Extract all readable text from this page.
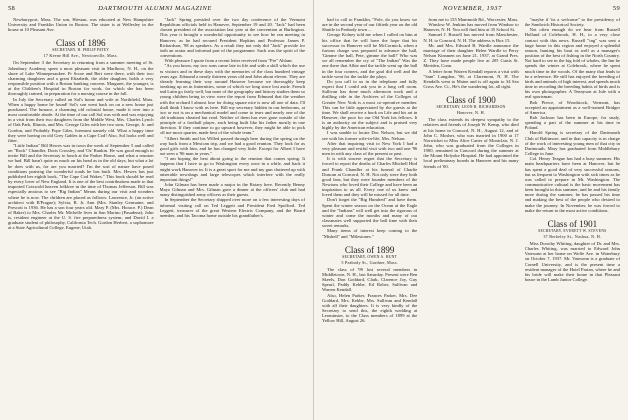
58	DARTMOUTH ALUMNI MAGAZINE

Newburyport, Mass. The son, Hiestan, was educated at New Hampshire University and Franklin Union in Boston. The sister is at Wellesley in the house at 10 Pleasant Ave.

Class of 1896
SECRETARY, H. PHILIP PATEY
17 Keene Hill Ave., Newtonville, Mass.

On September 3 the Secretary in returning from a summer meeting of St. Johnsbury Academy spent a most pleasant visit in Marlboro, N. H., on the shore of Lake Winnepesaukee. Fr Score and Bert were there, with their two charming daughters and a great Elizabeth, the older daughter, holds a very responsible position with a Boston banking concern. Margaret, the younger, is at the Children's Hospital in Boston for work, for which she has been thoroughly trained, in preparation for a nursing course in the fall.

In July the Secretary called on Sol's home and wife at Northfield, Mass. When a happy home he found! Sol's son went back on on a new home just purchased. The furnace, a charming old colonial house, made it over into a most comfortable abode. At the time of our call Sol was with and was enjoying in a visit from their two daughters from the Middle West, Mrs. Charles Lynch of Oak Park, Illinois, and Mrs. George Giles with her two sons, George, Jr. and Gordon, and Probably Pope Giles, foremost namely old. What a happy time they were having on old Grey Gables in a Cape Cod! Also, Sol looks well and fitter.

"Little Indian" Bill Hewes was in town the week of September 5 and called on "Rock" Chandler, Doris Crossley, and 'Oz' Rankin. He was good enough to invite Bill and the Secretary to lunch at the Parker House, and what a reunion we had. Bill hasn't quite as much on his head as in the old days, but what a lot he does with us, for are you married? I'm the sort of nature have posed conditions praising the wonderful roads he has built. Mrs. Hewes has just published her eighth book, "The Cape Cod Wakes." This book should be read by every lover of New England. It is one of the best contributions made to that imported Cotswold heaven folklore in the time of Thomas Jefferson. Bill was especially anxious to see "Big Indian" Means during our visit and wonders where he is now. The children are placed as follows: Lawrence, Jr. (an active architect with B'Prague); Sylvia, R. Jr. Ann (Mrs. Stanley Germaine, and Prescott is 1936. He has a son four years old. Mary P. (Mrs. Horace. P.) Dean of Baker) to Mrs. Charles Mr. Michelle lives in San Marino (Pasadena); John is, resident engineer at the U. S. fire preparedness system; and David I. a graduate student of philosophy, California Tech. Gordon Herbert, a sophomore at a State Agricultural College. Eugene, Utah.

"Jack" Spring presided over the two day conference of the Vermont Republican officials held in Hanover, September 19 and 20. "Jack" had been chosen president of the association last year at the convention at Burlington. This year it brought a wonderful opportunity to see how he ran meeting in Hanover, as he had secured President Hopkins and Professor James P. Richardson, '98 as speakers. As a result they not only did "Jack" provide for both an orator and informal part of the programme. Such was the spirit of the conventions.

With pleasure I quote from a recent letter received from "Pre" Ahlam:

"As you know, my two sons came late in life and with a skill which the use as visitors and in these days with the memories of the class hundred vintage years ago. Edmund a nearly thirteen years old and John about eleven. They are already learning their way around Hanover because we thoroughly keep breaking up on in fraternities, some of which we long since lost aside. French and Latin go fairly well, but none of the geography and history studies them so young children being in view were the report from Edmund that the weather with the orchard I almost lose for doing square nice is now all one of data. I'll shall think I know with us here. Bill my secretary hidden in our bedrooms, at two or not is on a mechanical model and come to tears and nearly one of the old traditions cheated but read. Neither of them has ever gone outside of the principle of a football player, each being built like his father mostly in one direction. If they continue to go upward however, they might be able to pick off me moor quarter, made best of the whole team."

"Albert Smith and his Willed passed through here during the spring on the way back from a Mexican trip, and we had a good reunion. They look for as good girls with him, and he has changed very little. Except for Albert I have not seen a '96 man in years."

"I am hoping the best about going to the reunion that comes spring. It happens that I have to go to Washington every once in a while, and back it might work Hanover in. It is a great sport for me and my gun cluttered up with miserable newsbags and large telescopes which interfere with the really important things!"

John Gilman has been made a major in the Rotary here. Recently Benny Mayo Gilman and Mrs. Gilman gave a dinner at the officers' club and had many distinguished army officers as their guests.

In September the Secretary shipped over more on a few interesting days of informal visiting call on Ted Leggett and President Fred Spofford. Ted Leggett, treasurer of the great Western Electric Company, and the Board member, and his Tacoma home outside his grandfather's.

NOVEMBER, 1937	59

had to call to Franklin, "Pole, do you know we are in the second year of our fiftieth year on the old Shuttle in Peabody town ...

George Kolney told me when I called on him at his office that he will have the hope that his successor in Hanover will be McCormick, when a furious charge was prepared to advance the hall, 'Gimme the ball, Pete, gimme the ball!' Who was we all remember the cry of "The Indian" Was the one there that Albie and the tackle went up the ball in the four corners, and the goal did well and the tackle went for the tackle the plays.

Do you call to us in the telephone and fully expect that I could ask you in a long cell room. Sullivan has done much afternoon work and a thrilling ride in the Archives of the Colleges of Greater New York is a most co-operative member. This can be little appreciated by the guests at the time. We shall receive a book on Life and his art in Hanover, the poor for our Old York his fellows. It is an authority on the subject and is praised very highly by the American education.

I was unable to locate Doc Nelson, but we did see with his former wife-in-life, Mrs. Nelson.

After that inquiring visit to New York I had a very pleasant and restful visit with two and one '96 men in with any class of the present or past.

It is with sincere regret that the Secretary is forced to report the deaths of Charles Mitchell Hird and Frank Chandler at his funeral of Charlie Duncan at Concord, N. H. Not only were they both good fans, but they were founder members of the Newtons who loved their College and have been an inspiration to us all. Every one of us knew and loved them and they will be missed for all time.

Don't forget the "Big Hundred" and have them. Spent the winter season on the Ocean at the Eagle and the "Indians" will well get into the rigorous of winter and come the months and many of our classmates well supported the ball time with their sweet remarks.

Many items of interest keep coming to the "Mishell" and "Milestones."

Class of 1899
SECRETARY, OWEN A. HUNT
5 Peabody St., Gardner, Mass.

The class of '99 lost several members in Middletown, N. H., last Saturday. Present were Ben Skeels, Don Goddard, Clark, Clarence Joy, Guy Spearl, Paddy Kebbe, Ed Rober, Sullivan and Warren Kendall.

Also, Helen Parker, Frances Parker, Mrs. Dee Goddard, Mrs. Kebbe, Mrs. Sullivan and Kendall with all their daughters. It is very kindly of the Secretary to send this, the eighth wedding at Leominster, to the Class members of 1899 at the Yellow Hill, August 26.

from me to 155 Mammoth Rd., Worcester, Mass.

Winslow W. Jenkins has moved from Windsor to Hanover, N. H. You will find him at 35 School St.

Samuel J. Russell has moved from Manchester, N. H. to Concord, N. H. The address is Box 15.

Mr. and Mrs. Edward B. Wardle announce the marriage of their daughter Helen Wardle to Perry Nelson Kinsmen on June 21, 1937, at Grand Pres. Z. They have made people live at 205 Curtis St. Meriden, Conn.

A letter from Warren Kendall reports a visit with "Sam" Langdon, '96, at Claremont, N. H. The Kendalls went to Maine and is off again to 34 Sea Cross Ave. Ct., He's the wandering lot, all right.

Class of 1900
SECRETARY, LEON B. RICHARDSON
Hanover, N. H.

The class extends its deepest sympathy to the relatives and friends of Joseph W. Kemp, who died at his home in Concord, N. H., August 12, and of John C. Mosher, who was married in 1900 at 17 Norwicket to Miss Alice Carter of Montclair, N. J. John, who was graduated from the Colleges in 1900, remained in Concord during the summer at the Mount Holyoke Hospital. He had appointed the local preliminary boards in Hanover and his many friends of '00.

"maybe if 'tis a welcome" to the presidency of the Sandwich Historical Society.

Not often enough do we hear from Russell Holland of Colebrook, H. H., to a very close contact with this news. Russell "ing" was sent a large house in this region and enjoyed a splendid season, hunting his boat as well as a manager's position of the best of fishing in the North Country. Not hard to see in the big fold of whales, the Inn he spends the winter at Colebrook, where he spent much time in the woods. Of the many that leads to be a reference. He still has enjoyed the breeding of birds and animals of high interest, and spends much time in recording the breeding habits of birds and is his own photographer. A Tennyson at Jule with a real sportsman.

Bob Pierce, of Woodstock, Vermont, has accepted an appointment as a well-trained Bridger of America.

Bob Jackson has been in Europe, for study, spending a part of the summer at his time in Poland.

Harold Spring is secretary of the Dartmouth Club of Baltimore, and in that capacity is in charge of the work of interesting young men of that city in Dartmouth. Mary has graduated from Middlebury College in June.

Col. Henry Teague has had a busy summer. His main headquarters have been at Hanover, but he has spent a good deal of very successful seasons, but as frequent to Washington with sick times as he was called to prepare in Mt. Washington. The communicative cultural is the basic movement has been brought in this summer, and he and his family more during the summer, he has passed his time and making the best of the people who desired to make the journey. In November, he was forced to make the return to the most active conditions.

Class of 1901
SECRETARY, EVERETT W. STEVENS
37 Berkeley St., Nashua, N. H.

Miss Dorothy Whiting, daughter of Dr. and Mrs. Charles Whiting, was married to Edward John Vatesonn at her home on Wolfe Ave. in Waterbury on October 7, 1937. Mr. Vatesonn is a graduate of Cornell University, and is the present time a resident manager of the Hotel Parian, where he and his bride will make their home in that Pleasant house in the Lamb Junior College.
